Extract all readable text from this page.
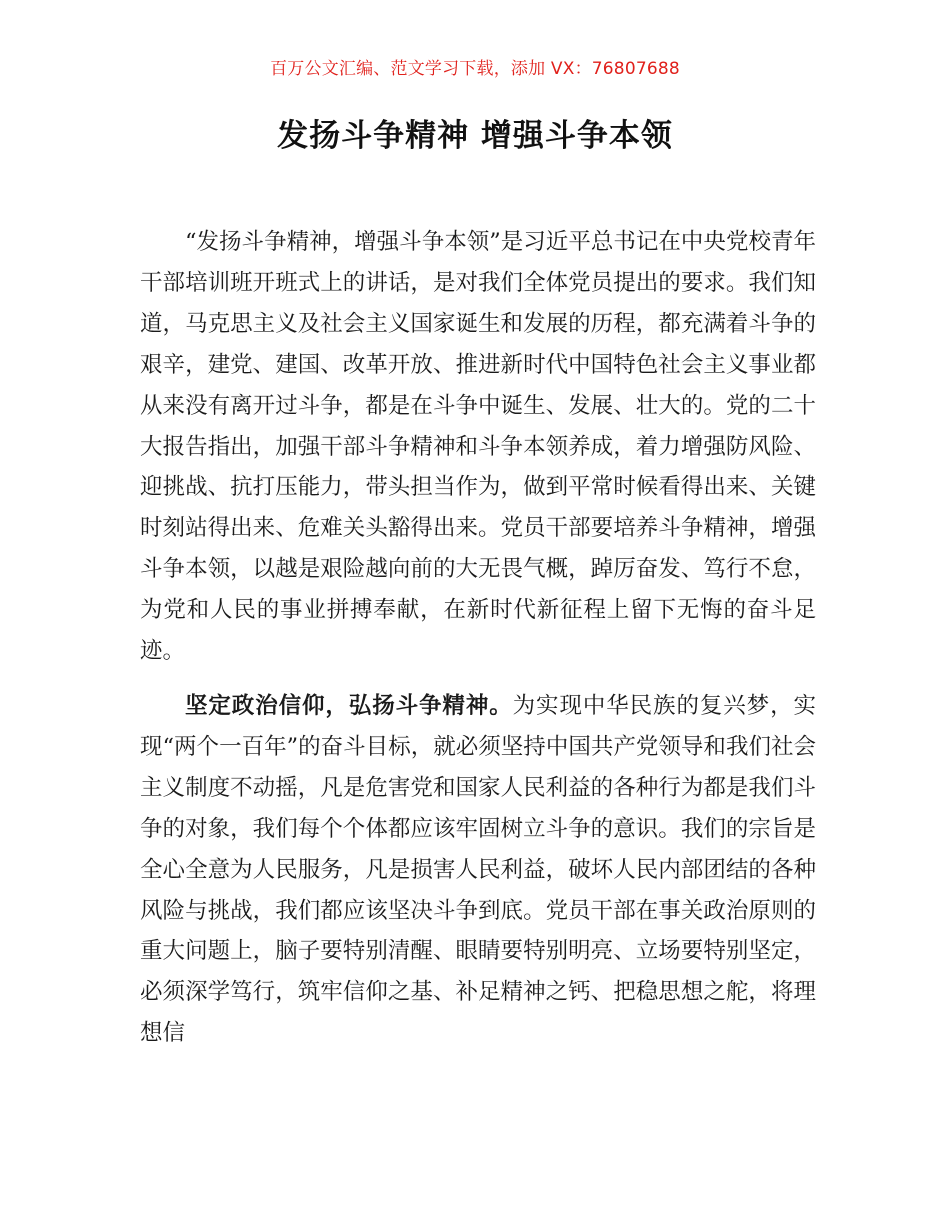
百万公文汇编、范文学习下载，添加 VX：76807688
发扬斗争精神 增强斗争本领

“发扬斗争精神，增强斗争本领”是习近平总书记在中央党校青年干部培训班开班式上的讲话，是对我们全体党员提出的要求。我们知道，马克思主义及社会主义国家诞生和发展的历程，都充满着斗争的艰辛，建党、建国、改革开放、推进新时代中国特色社会主义事业都从来没有离开过斗争，都是在斗争中诞生、发展、壮大的。党的二十大报告指出，加强干部斗争精神和斗争本领养成，着力增强防风险、迎挑战、抗打压能力，带头担当作为，做到平常时候看得出来、关键时刻站得出来、危难关头豁得出来。党员干部要培养斗争精神，增强斗争本领，以越是艰险越向前的大无畏气概，踔厉奋发、笃行不怠，为党和人民的事业拼搏奉献，在新时代新征程上留下无悔的奋斗足迹。

坚定政治信仰，弘扬斗争精神。为实现中华民族的复兴梦，实现“两个一百年”的奋斗目标，就必须坚持中国共产党领导和我们社会主义制度不动摇，凡是危害党和国家人民利益的各种行为都是我们斗争的对象，我们每个个体都应该牢固树立斗争的意识。我们的宗旨是全心全意为人民服务，凡是损害人民利益，破坏人民内部团结的各种风险与挑战，我们都应该坚决斗争到底。党员干部在事关政治原则的重大问题上，脑子要特别清醒、眼睛要特别明亮、立场要特别坚定，必须深学笃行，筑牢信仰之基、补足精神之钙、把稳思想之舵，将理想信
